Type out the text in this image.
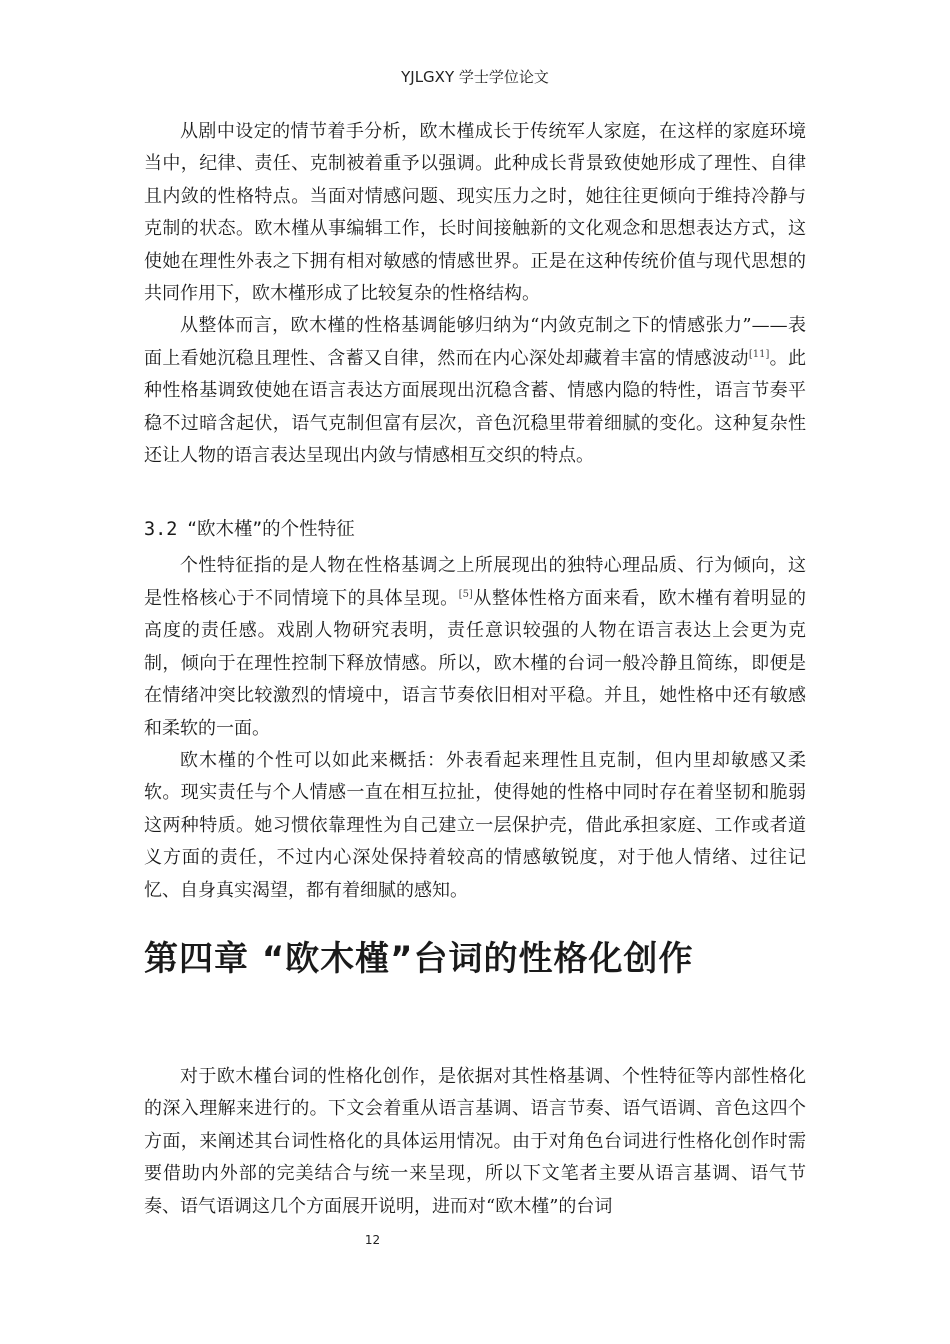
YJLGXY 学士学位论文

从剧中设定的情节着手分析，欧木槿成长于传统军人家庭，在这样的家庭环境当中，纪律、责任、克制被着重予以强调。此种成长背景致使她形成了理性、自律且内敛的性格特点。当面对情感问题、现实压力之时，她往往更倾向于维持冷静与克制的状态。欧木槿从事编辑工作，长时间接触新的文化观念和思想表达方式，这使她在理性外表之下拥有相对敏感的情感世界。正是在这种传统价值与现代思想的共同作用下，欧木槿形成了比较复杂的性格结构。

从整体而言，欧木槿的性格基调能够归纳为“内敛克制之下的情感张力”——表面上看她沉稳且理性、含蓄又自律，然而在内心深处却藏着丰富的情感波动[11]。此种性格基调致使她在语言表达方面展现出沉稳含蓄、情感内隐的特性，语言节奏平稳不过暗含起伏，语气克制但富有层次，音色沉稳里带着细腻的变化。这种复杂性还让人物的语言表达呈现出内敛与情感相互交织的特点。

3.2 “欧木槿”的个性特征

个性特征指的是人物在性格基调之上所展现出的独特心理品质、行为倾向，这是性格核心于不同情境下的具体呈现。[5]从整体性格方面来看，欧木槿有着明显的高度的责任感。戏剧人物研究表明，责任意识较强的人物在语言表达上会更为克制，倾向于在理性控制下释放情感。所以，欧木槿的台词一般冷静且简练，即便是在情绪冲突比较激烈的情境中，语言节奏依旧相对平稳。并且，她性格中还有敏感和柔软的一面。

欧木槿的个性可以如此来概括：外表看起来理性且克制，但内里却敏感又柔软。现实责任与个人情感一直在相互拉扯，使得她的性格中同时存在着坚韧和脆弱这两种特质。她习惯依靠理性为自己建立一层保护壳，借此承担家庭、工作或者道义方面的责任，不过内心深处保持着较高的情感敏锐度，对于他人情绪、过往记忆、自身真实渴望，都有着细腻的感知。

第四章 “欧木槿”台词的性格化创作

对于欧木槿台词的性格化创作，是依据对其性格基调、个性特征等内部性格化的深入理解来进行的。下文会着重从语言基调、语言节奏、语气语调、音色这四个方面，来阐述其台词性格化的具体运用情况。由于对角色台词进行性格化创作时需要借助内外部的完美结合与统一来呈现，所以下文笔者主要从语言基调、语气节奏、语气语调这几个方面展开说明，进而对“欧木槿”的台词

12
